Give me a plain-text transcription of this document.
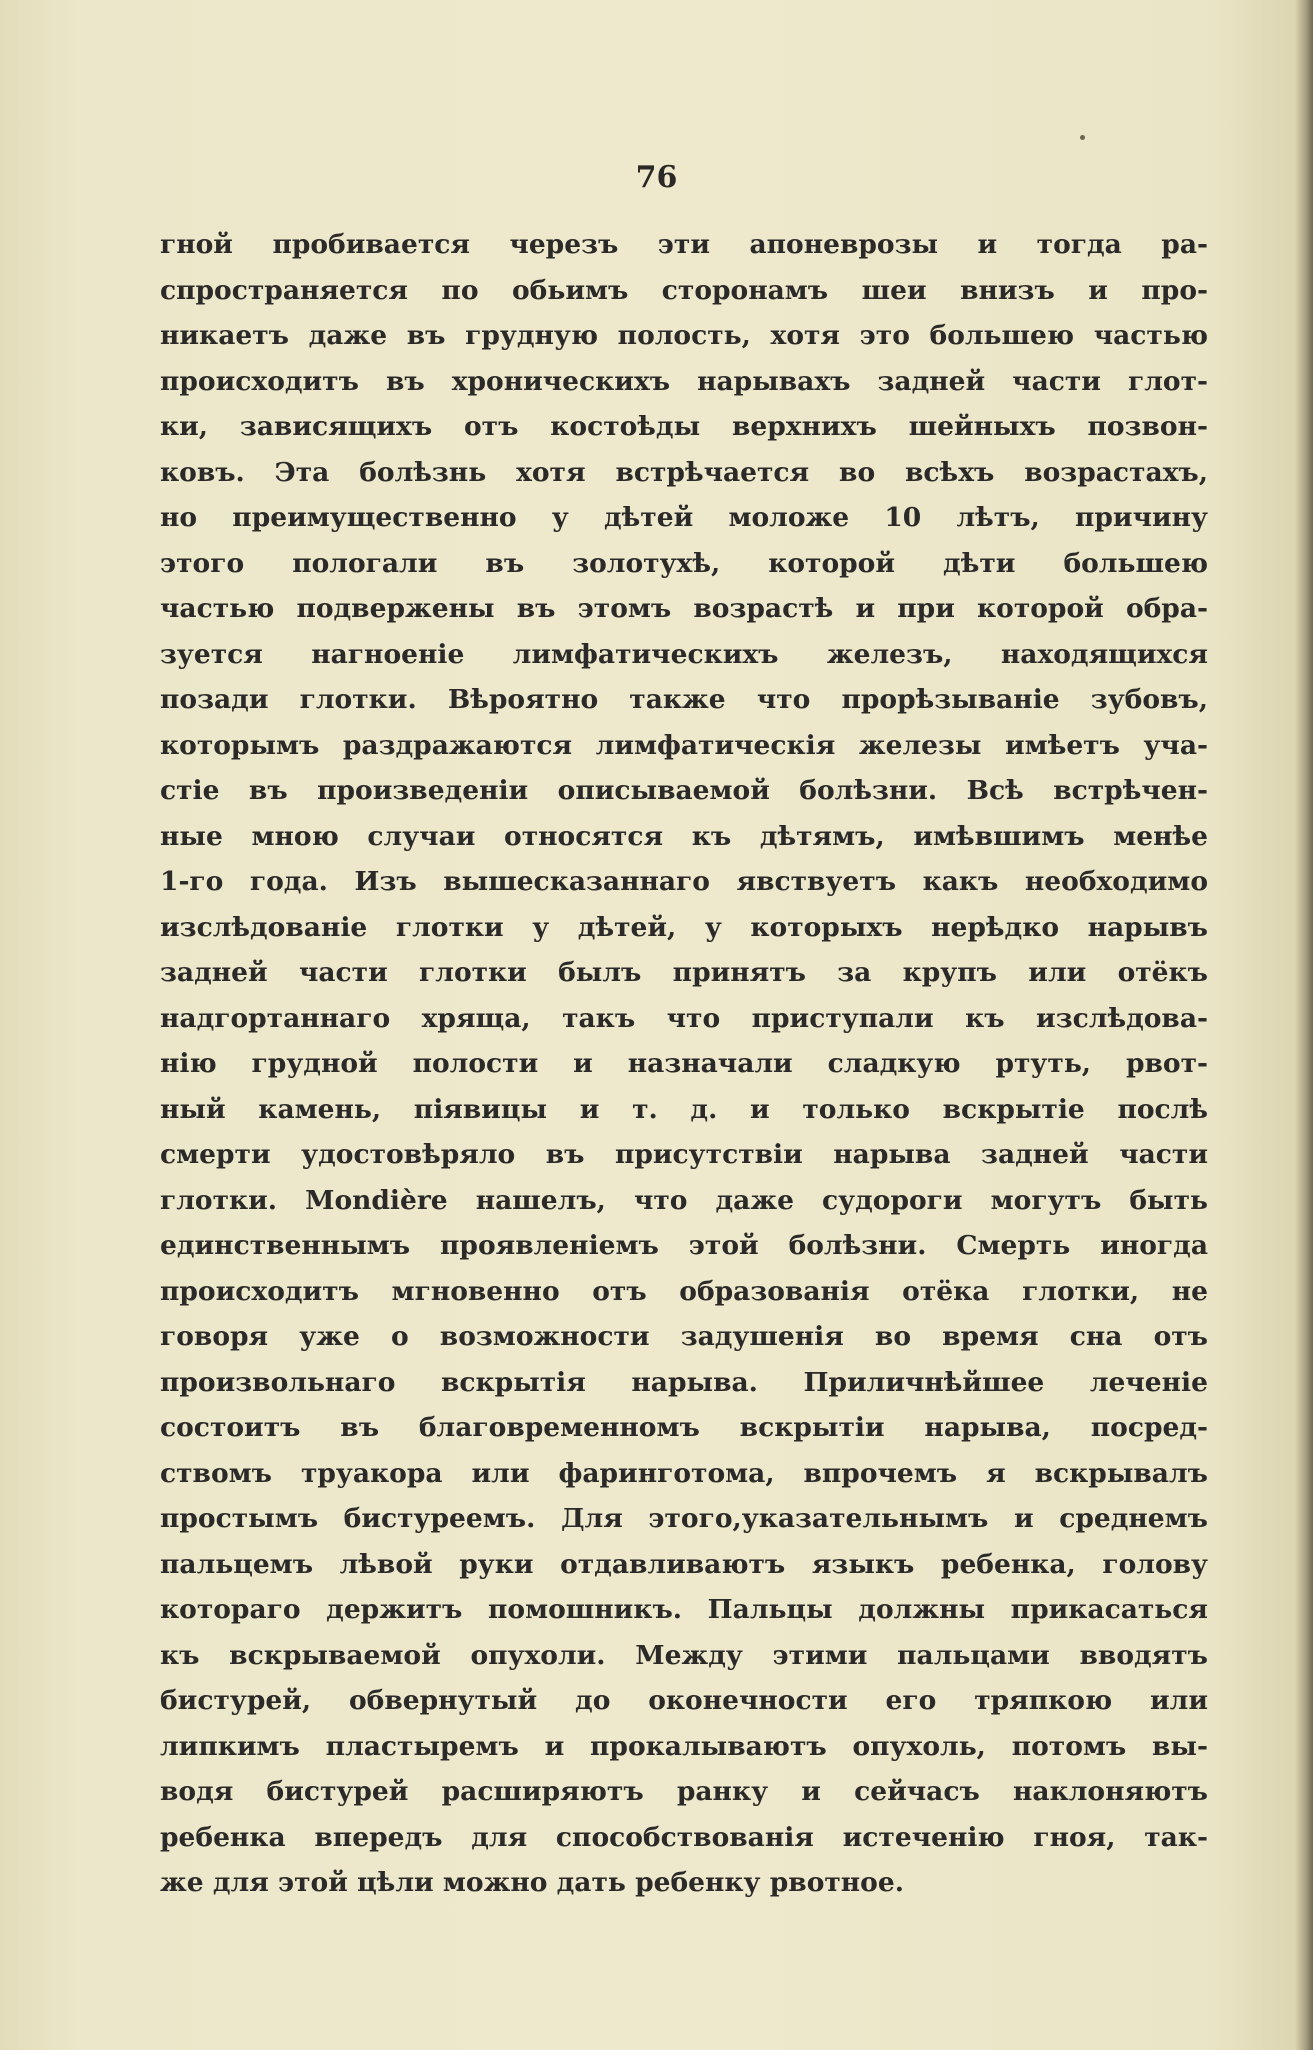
76
гной пробивается черезъ эти апоневрозы и тогда ра-
спространяется по обьимъ сторонамъ шеи внизъ и про-
никаетъ даже въ грудную полость, хотя это большею частью
происходитъ въ хроническихъ нарывахъ задней части глот-
ки, зависящихъ отъ костоѣды верхнихъ шейныхъ позвон-
ковъ. Эта болѣзнь хотя встрѣчается во всѣхъ возрастахъ,
но преимущественно у дѣтей моложе 10 лѣтъ, причину
этого пологали въ золотухѣ, которой дѣти большею
частью подвержены въ этомъ возрастѣ и при которой обра-
зуется нагноеніе лимфатическихъ железъ, находящихся
позади глотки. Вѣроятно также что прорѣзываніе зубовъ,
которымъ раздражаются лимфатическія железы имѣетъ уча-
стіе въ произведеніи описываемой болѣзни. Всѣ встрѣчен-
ные мною случаи относятся къ дѣтямъ, имѣвшимъ менѣе
1-го года. Изъ вышесказаннаго явствуетъ какъ необходимо
изслѣдованіе глотки у дѣтей, у которыхъ нерѣдко нарывъ
задней части глотки былъ принятъ за крупъ или отёкъ
надгортаннаго хряща, такъ что приступали къ изслѣдова-
нію грудной полости и назначали сладкую ртуть, рвот-
ный камень, піявицы и т. д. и только вскрытіе послѣ
смерти удостовѣряло въ присутствіи нарыва задней части
глотки. Mondière нашелъ, что даже судороги могутъ быть
единственнымъ проявленіемъ этой болѣзни. Смерть иногда
происходитъ мгновенно отъ образованія отёка глотки, не
говоря уже о возможности задушенія во время сна отъ
произвольнаго вскрытія нарыва. Приличнѣйшее леченіе
состоитъ въ благовременномъ вскрытіи нарыва, посред-
ствомъ труакора или фаринготома, впрочемъ я вскрывалъ
простымъ бистуреемъ. Для этого,указательнымъ и среднемъ
пальцемъ лѣвой руки отдавливаютъ языкъ ребенка, голову
котораго держитъ помошникъ. Пальцы должны прикасаться
къ вскрываемой опухоли. Между этими пальцами вводятъ
бистурей, обвернутый до оконечности его тряпкою или
липкимъ пластыремъ и прокалываютъ опухоль, потомъ вы-
водя бистурей расширяютъ ранку и сейчасъ наклоняютъ
ребенка впередъ для способствованія истеченію гноя, так-
же для этой цѣли можно дать ребенку рвотное.
